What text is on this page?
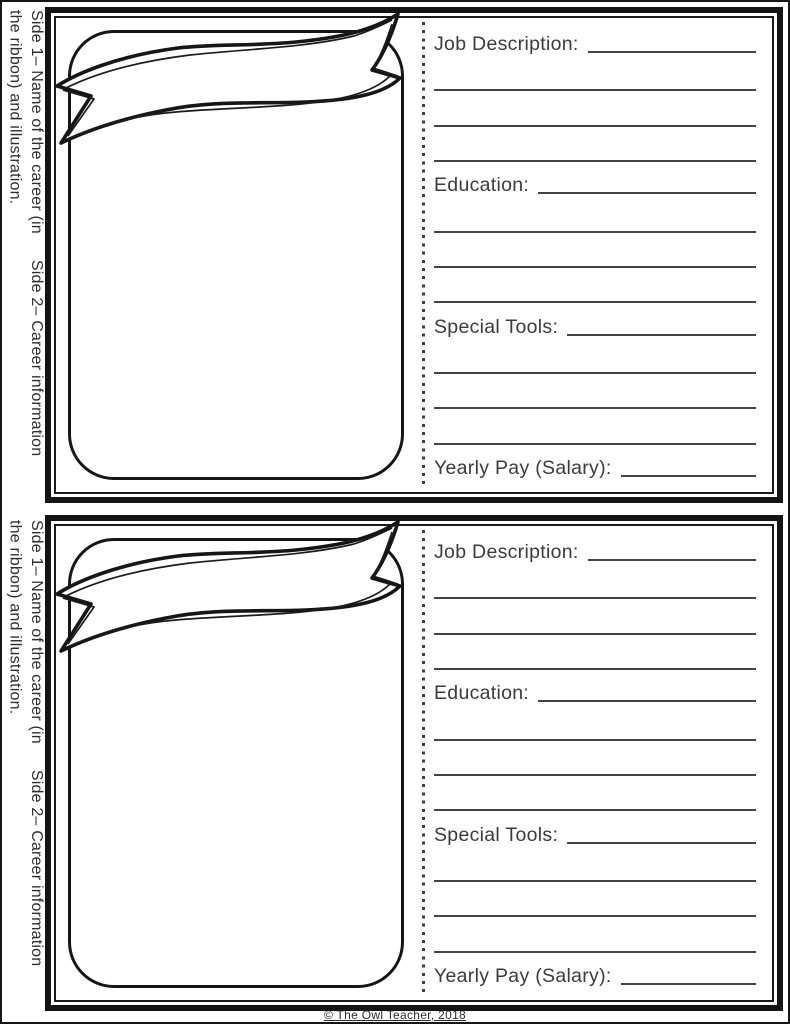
Job Description:
Education:
Special Tools:
Yearly Pay (Salary):
Job Description:
Education:
Special Tools:
Yearly Pay (Salary):
Side 1– Name of the career (inSide 2– Career information
the ribbon) and illustration.
Side 1– Name of the career (inSide 2– Career information
the ribbon) and illustration.
© The Owl Teacher, 2018
